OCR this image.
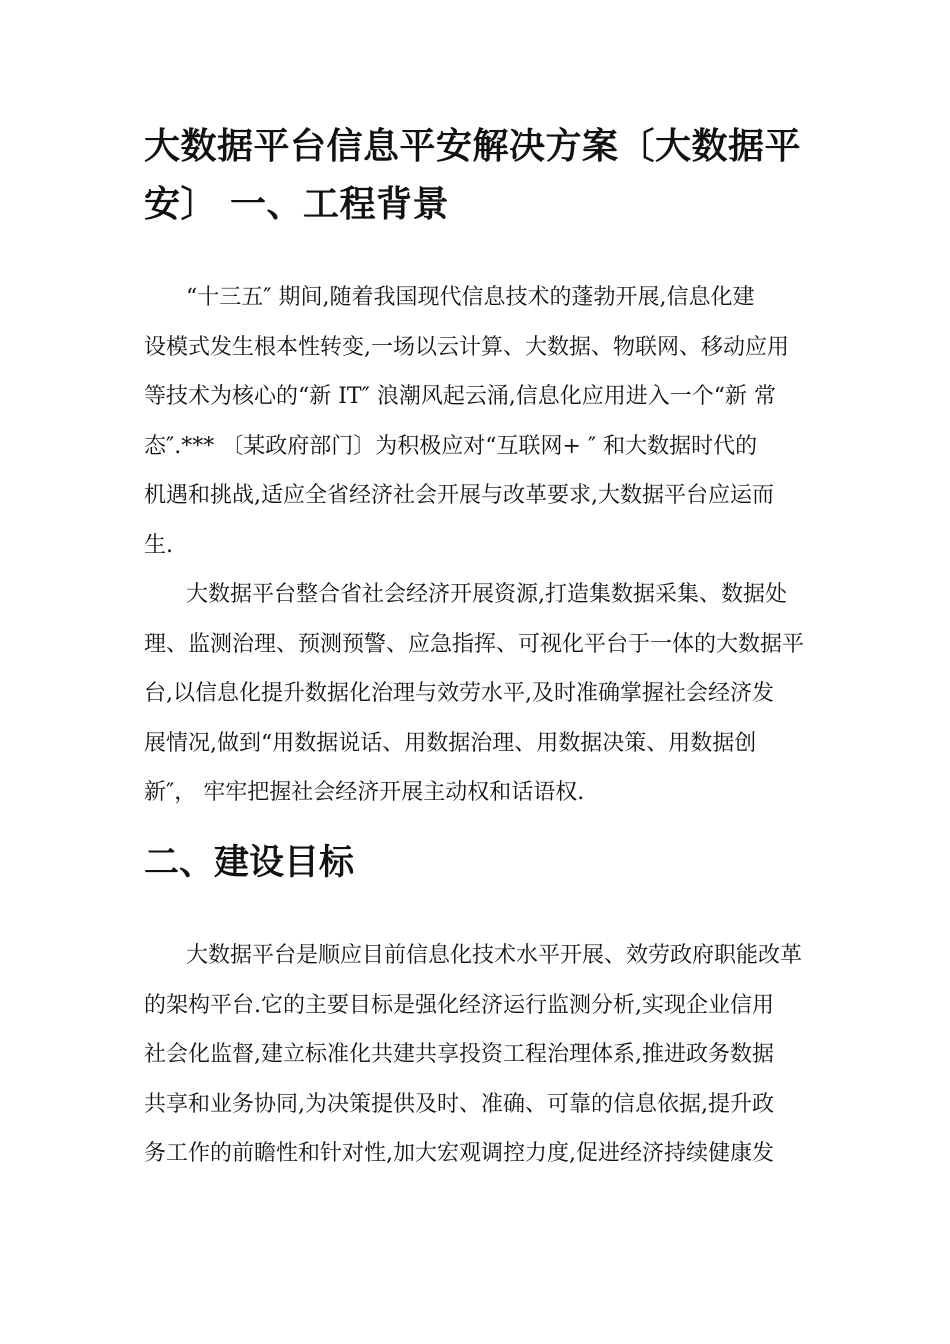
大数据平台信息平安解决方案〔大数据平
安〕 一、工程背景
“十三五″ 期间,随着我国现代信息技术的蓬勃开展,信息化建
设模式发生根本性转变,一场以云计算、大数据、物联网、移动应用
等技术为核心的“新 IT″ 浪潮风起云涌,信息化应用进入一个“新 常
态″.*** 〔某政府部门〕为积极应对“互联网+ ″ 和大数据时代的
机遇和挑战,适应全省经济社会开展与改革要求,大数据平台应运而
生.
大数据平台整合省社会经济开展资源,打造集数据采集、数据处
理、监测治理、预测预警、应急指挥、可视化平台于一体的大数据平
台,以信息化提升数据化治理与效劳水平,及时准确掌握社会经济发
展情况,做到“用数据说话、用数据治理、用数据决策、用数据创
新″， 牢牢把握社会经济开展主动权和话语权.
二、建设目标
大数据平台是顺应目前信息化技术水平开展、效劳政府职能改革
的架构平台.它的主要目标是强化经济运行监测分析,实现企业信用
社会化监督,建立标准化共建共享投资工程治理体系,推进政务数据
共享和业务协同,为决策提供及时、准确、可靠的信息依据,提升政
务工作的前瞻性和针对性,加大宏观调控力度,促进经济持续健康发
